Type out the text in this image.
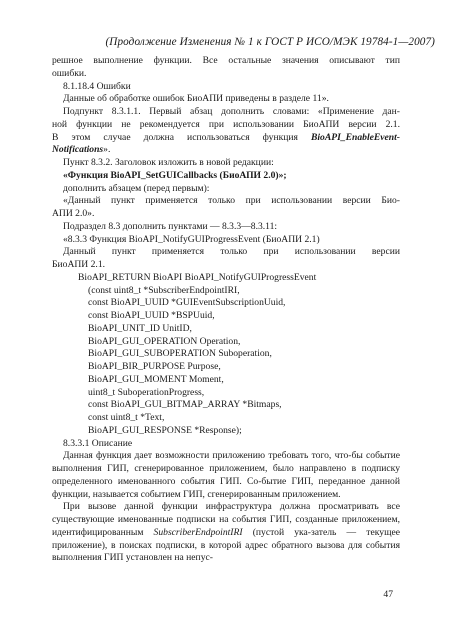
(Продолжение Изменения № 1 к ГОСТ Р ИСО/МЭК 19784-1—2007)

решное выполнение функции. Все остальные значения описывают тип

ошибки.

8.1.18.4 Ошибки

Данные об обработке ошибок БиоАПИ приведены в разделе 11».

Подпункт 8.3.1.1. Первый абзац дополнить словами: «Применение дан-

ной функции не рекомендуется при использовании БиоАПИ версии 2.1.

В этом случае должна использоваться функция BioAPI_EnableEvent-

Notifications».

Пункт 8.3.2. Заголовок изложить в новой редакции:

«Функция BioAPI_SetGUICallbacks (БиоАПИ 2.0)»;

дополнить абзацем (перед первым):

«Данный пункт применяется только при использовании версии Био-

АПИ 2.0».

Подраздел 8.3 дополнить пунктами — 8.3.3—8.3.11:

«8.3.3 Функция BioAPI_NotifyGUIProgressEvent (БиоАПИ 2.1)

Данный пункт применяется только при использовании версии

БиоАПИ 2.1.

BioAPI_RETURN BioAPI BioAPI_NotifyGUIProgressEvent

(const uint8_t *SubscriberEndpointIRI,

const BioAPI_UUID *GUIEventSubscriptionUuid,

const BioAPI_UUID *BSPUuid,

BioAPI_UNIT_ID UnitID,

BioAPI_GUI_OPERATION Operation,

BioAPI_GUI_SUBOPERATION Suboperation,

BioAPI_BIR_PURPOSE Purpose,

BioAPI_GUI_MOMENT Moment,

uint8_t SuboperationProgress,

const BioAPI_GUI_BITMAP_ARRAY *Bitmaps,

const uint8_t *Text,

BioAPI_GUI_RESPONSE *Response);

8.3.3.1 Описание

Данная функция дает возможности приложению требовать того, что-бы событие выполнения ГИП, сгенерированное приложением, было направлено в подписку определенного именованного события ГИП. Со-бытие ГИП, переданное данной функции, называется событием ГИП, сгенерированным приложением.

При вызове данной функции инфраструктура должна просматривать все существующие именованные подписки на события ГИП, созданные приложением, идентифицированным SubscriberEndpointIRI (пустой ука-затель — текущее приложение), в поисках подписки, в которой адрес обратного вызова для события выполнения ГИП установлен на непус-

47
